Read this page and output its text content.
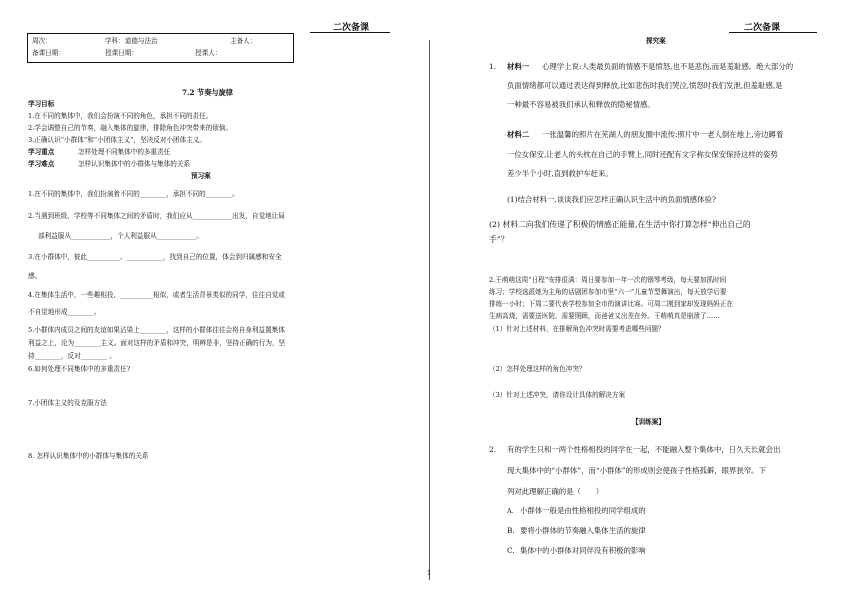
二次备课
周次：	学科：道德与法治	主备人：
备课日期：	授课日期：	授课人：
7.2 节奏与旋律
学习目标
1.在不同的集体中，我们会扮演不同的角色，承担不同的责任。
2.学会调整自己的节奏，融入集体的旋律，排除角色冲突带来的烦恼。
3.正确认识“小群体”和“小团体主义”，坚决反对小团体主义。
学习重点	怎样处理不同集体中的多重责任
学习难点	怎样认识集体中的小群体与集体的关系
预习案
1.在不同的集体中，我们扮演着不同的________，承担不同的________。
2.当遇到班级、学校等不同集体之间的矛盾时，我们应从____________出发，自觉地让局
部利益服从____________，个人利益服从____________。
3.在小群体中，彼此__________、___________，找到自己的位置，体会到归属感和安全
感。
4.在集体生活中，一些趣相投、__________相似，或者生活背景类似的同学，往往自觉或
不自觉地形成________。
5.小群体内成员之间的友谊如果沾染上________，这样的小群体往往会将自身利益置集体
利益之上，沦为________主义。面对这样的矛盾和冲突，明辨是非，坚持正确的行为，坚
持________，反对________ 。
6.如何处理不同集体中的多重责任?
7.小团体主义的及克服方法
8. 怎样认识集体中的小群体与集体的关系
1
二次备课
探究案
1. 材料一 心理学上说:人类最负面的情感不是愤怒,也不是悲伤,而是羞耻感。绝大部分的
负面情绪都可以通过表达得到释放,比如悲伤时我们哭泣,愤怒时我们发泄,但羞耻感,是
一种最不容易被我们承认和释放的隐秘情感。
材料二 一张温馨的照片在芜湖人的朋友圈中流传:照片中一老人倒在地上,旁边蹲着
一位女保安,让老人的头枕在自己的手臂上,同时还配有文字称女保安保持这样的姿势
差少半个小时,直到救护车赶来。
(1)结合材料一,谈谈我们应怎样正确认识生活中的负面情感体验?
(2) 材料二向我们传递了积极的情感正能量,在生活中你打算怎样“伸出自己的
手”？
2.王萌萌这周“日程”安排很满：周日要参加一年一次的钢琴考级，每天要加抓时间
练习；学校选派她为主角的话剧团参加市里“六一”儿童节型舞演出，每天放学后要
排练一小时；下周二要代表学校参加全市的演讲比赛。可周二刚到家却发现妈妈正在
生病高烧，需要送医院、需要照顾，而爸爸又出差在外。王萌萌真是崩溃了……
（1）针对上述材料，在排解角色冲突时需要考虑哪些问题？
（2）怎样处理这样的角色冲突？
（3）针对上述冲突，请你设计具体的解决方案
【训练案】
2. 有的学生只和一两个性格相投的同学在一起，不能融入整个集体中，日久天长就会出
现大集体中的“小群体”，而“小群体”的形成则会使孩子性格孤僻，眼界狭窄。下
列对此理解正确的是（　　）
A. 小群体一般是由性格相投的同学组成的
B. 要将小群体的节奏融入集体生活的旋律
C. 集体中的小群体对同伴没有积极的影响
